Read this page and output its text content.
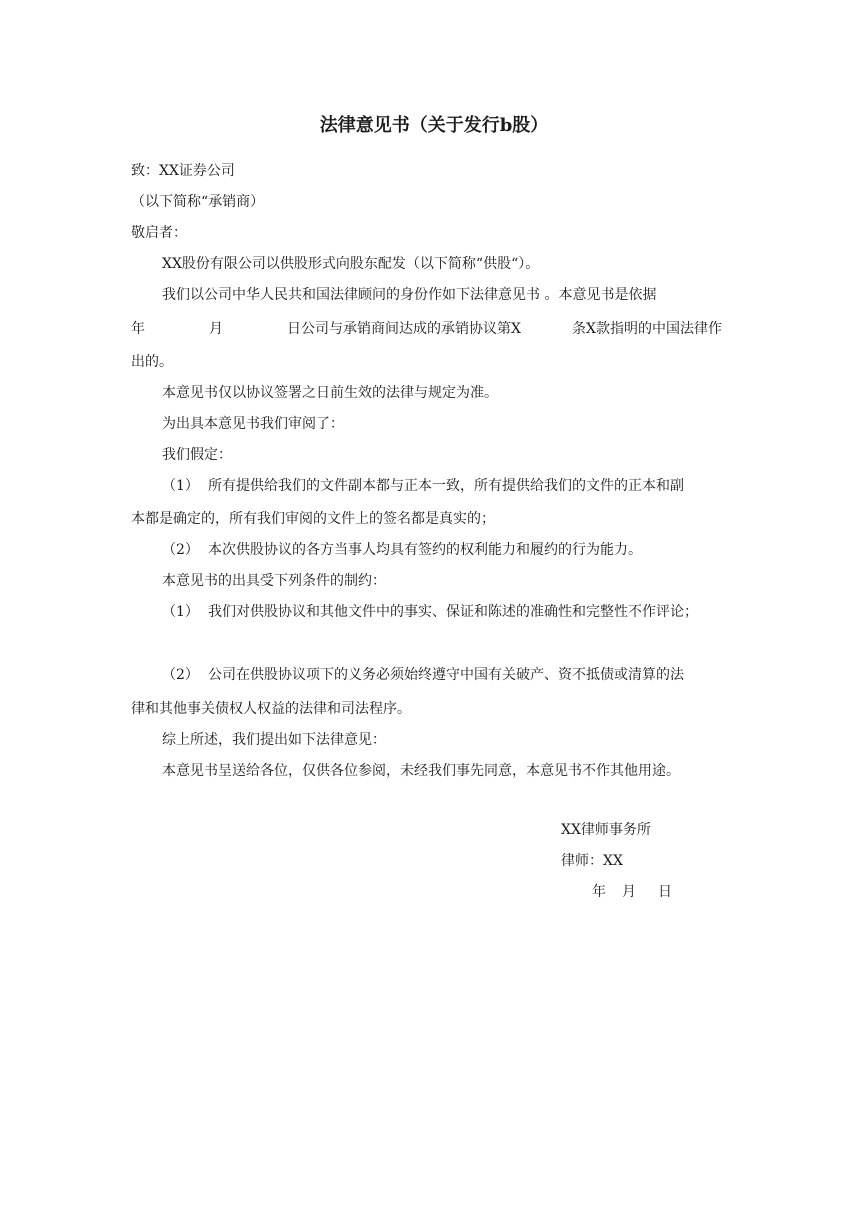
法律意见书（关于发行b股）
致：XX证券公司
（以下简称“承销商）
敬启者：
XX股份有限公司以供股形式向股东配发（以下简称“供股“）。
我们以公司中华人民共和国法律顾问的身份作如下法律意见书 。本意见书是依据
年	月	日公司与承销商间达成的承销协议第X	条X款指明的中国法律作
出的。
本意见书仅以协议签署之日前生效的法律与规定为准。
为出具本意见书我们审阅了：
我们假定：
（1） 所有提供给我们的文件副本都与正本一致，所有提供给我们的文件的正本和副
本都是确定的，所有我们审阅的文件上的签名都是真实的；
（2） 本次供股协议的各方当事人均具有签约的权利能力和履约的行为能力。
本意见书的出具受下列条件的制约：
（1） 我们对供股协议和其他文件中的事实、保证和陈述的准确性和完整性不作评论；
（2） 公司在供股协议项下的义务必须始终遵守中国有关破产、资不抵债或清算的法
律和其他事关债权人权益的法律和司法程序。
综上所述，我们提出如下法律意见：
本意见书呈送给各位，仅供各位参阅，未经我们事先同意，本意见书不作其他用途。
XX律师事务所
律师：XX
年 月 日
